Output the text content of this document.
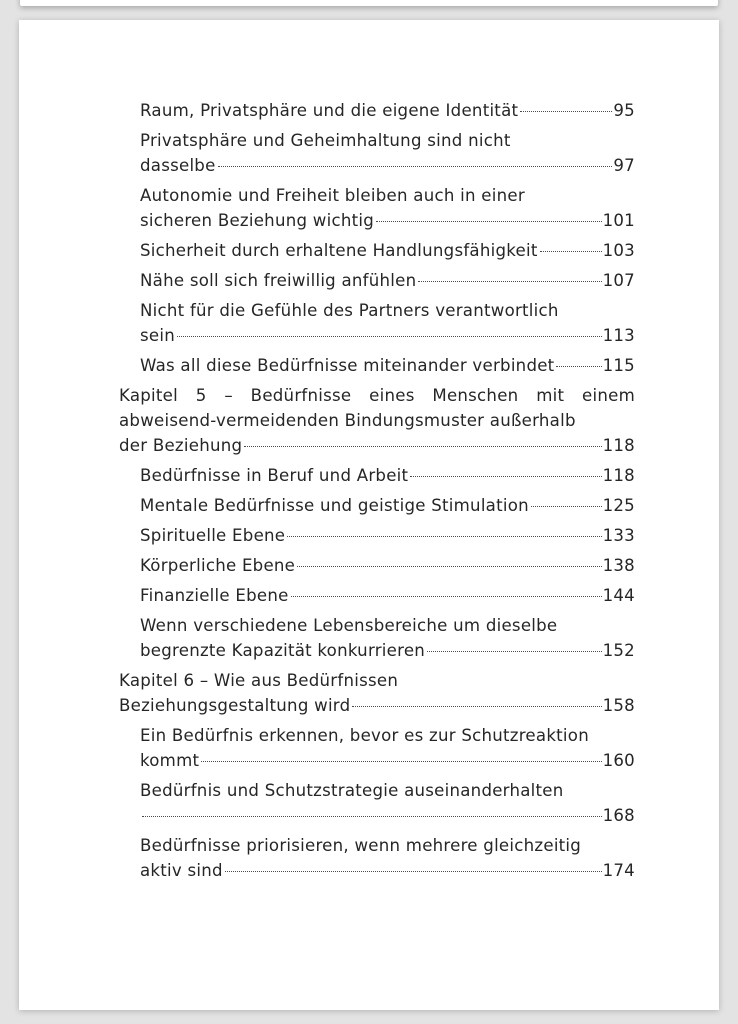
Raum, Privatsphäre und die eigene Identität	95
Privatsphäre und Geheimhaltung sind nicht
dasselbe	97
Autonomie und Freiheit bleiben auch in einer
sicheren Beziehung wichtig	101
Sicherheit durch erhaltene Handlungsfähigkeit	103
Nähe soll sich freiwillig anfühlen	107
Nicht für die Gefühle des Partners verantwortlich
sein	113
Was all diese Bedürfnisse miteinander verbindet	115
Kapitel 5 – Bedürfnisse eines Menschen mit einem abweisend-vermeidenden Bindungsmuster außerhalb
der Beziehung	118
Bedürfnisse in Beruf und Arbeit	118
Mentale Bedürfnisse und geistige Stimulation	125
Spirituelle Ebene	133
Körperliche Ebene	138
Finanzielle Ebene	144
Wenn verschiedene Lebensbereiche um dieselbe
begrenzte Kapazität konkurrieren	152
Kapitel 6 – Wie aus Bedürfnissen
Beziehungsgestaltung wird	158
Ein Bedürfnis erkennen, bevor es zur Schutzreaktion
kommt	160
Bedürfnis und Schutzstrategie auseinanderhalten
168
Bedürfnisse priorisieren, wenn mehrere gleichzeitig
aktiv sind	174
